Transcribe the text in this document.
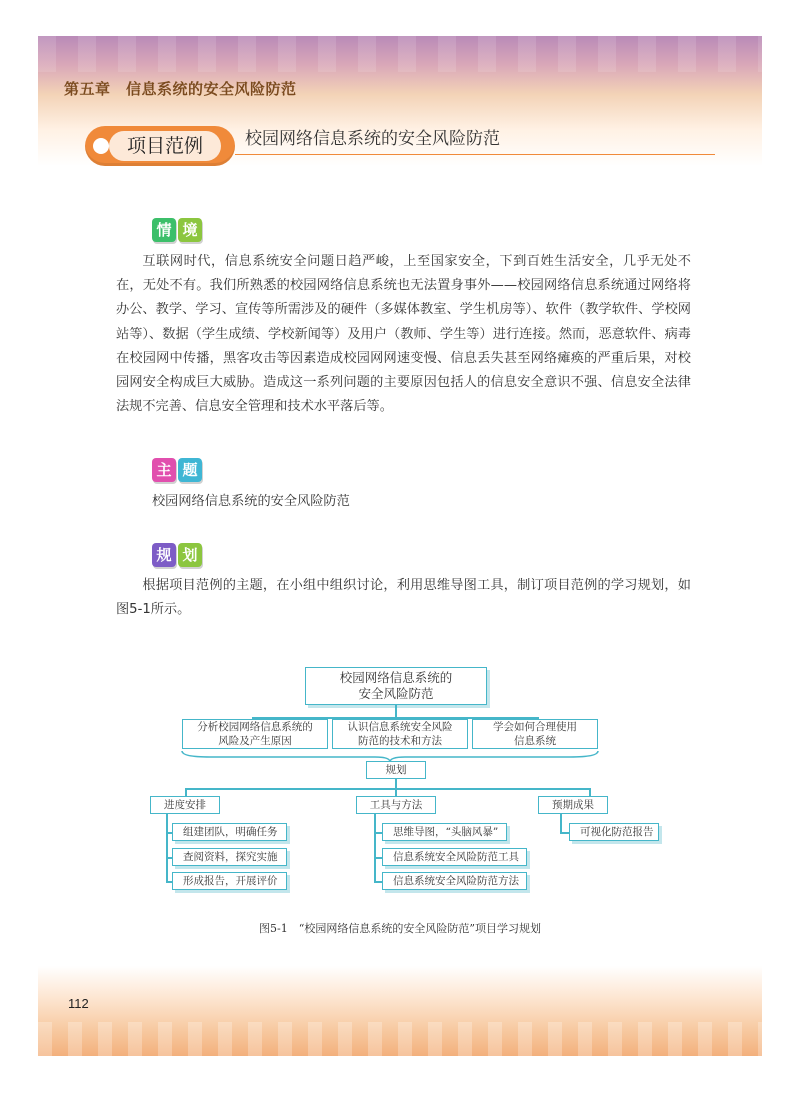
第五章　信息系统的安全风险防范
112
项目范例	校园网络信息系统的安全风险防范
情 境
互联网时代，信息系统安全问题日趋严峻，上至国家安全，下到百姓生活安全，几乎无处不在，无处不有。我们所熟悉的校园网络信息系统也无法置身事外——校园网络信息系统通过网络将办公、教学、学习、宣传等所需涉及的硬件（多媒体教室、学生机房等）、软件（教学软件、学校网站等）、数据（学生成绩、学校新闻等）及用户（教师、学生等）进行连接。然而，恶意软件、病毒在校园网中传播，黑客攻击等因素造成校园网网速变慢、信息丢失甚至网络瘫痪的严重后果，对校园网安全构成巨大威胁。造成这一系列问题的主要原因包括人的信息安全意识不强、信息安全法律法规不完善、信息安全管理和技术水平落后等。
主 题
校园网络信息系统的安全风险防范
规 划
根据项目范例的主题，在小组中组织讨论，利用思维导图工具，制订项目范例的学习规划，如图5-1所示。
校园网络信息系统的
安全风险防范
分析校园网络信息系统的
风险及产生原因
认识信息系统安全风险
防范的技术和方法
学会如何合理使用
信息系统
规划
进度安排
组建团队，明确任务
查阅资料，探究实施
形成报告，开展评价
工具与方法
思维导图，“头脑风暴”
信息系统安全风险防范工具
信息系统安全风险防范方法
预期成果
可视化防范报告
图5-1　“校园网络信息系统的安全风险防范”项目学习规划
